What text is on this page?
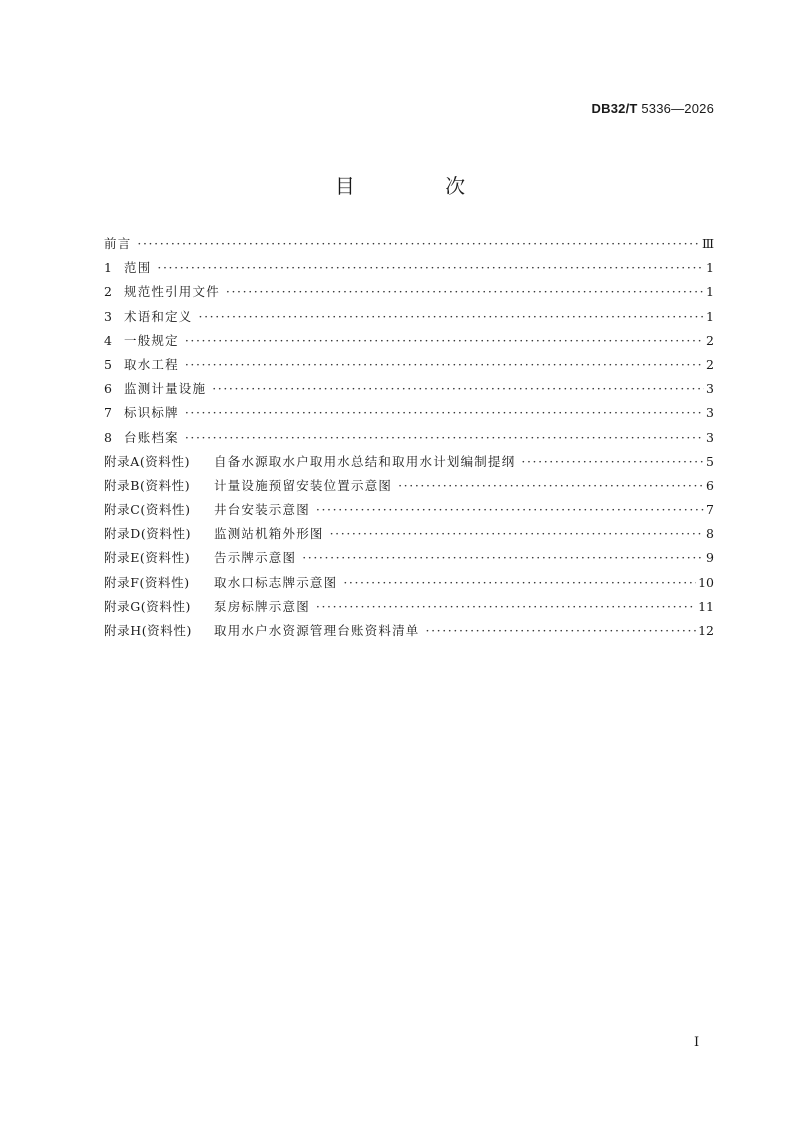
DB32/T 5336—2026
目 次
前言 ·····	Ⅲ
1 范围 ·····	1
2 规范性引用文件 ·····	1
3 术语和定义 ·····	1
4 一般规定 ·····	2
5 取水工程 ·····	2
6 监测计量设施 ·····	3
7 标识标牌 ·····	3
8 台账档案 ·····	3
附录A(资料性)	自备水源取水户取用水总结和取用水计划编制提纲 ·····	5
附录B(资料性)	计量设施预留安装位置示意图 ·····	6
附录C(资料性)	井台安装示意图 ·····	7
附录D(资料性)	监测站机箱外形图 ·····	8
附录E(资料性)	告示牌示意图 ·····	9
附录F(资料性)	取水口标志牌示意图 ·····	10
附录G(资料性)	泵房标牌示意图 ·····	11
附录H(资料性)	取用水户水资源管理台账资料清单 ·····	12
I
